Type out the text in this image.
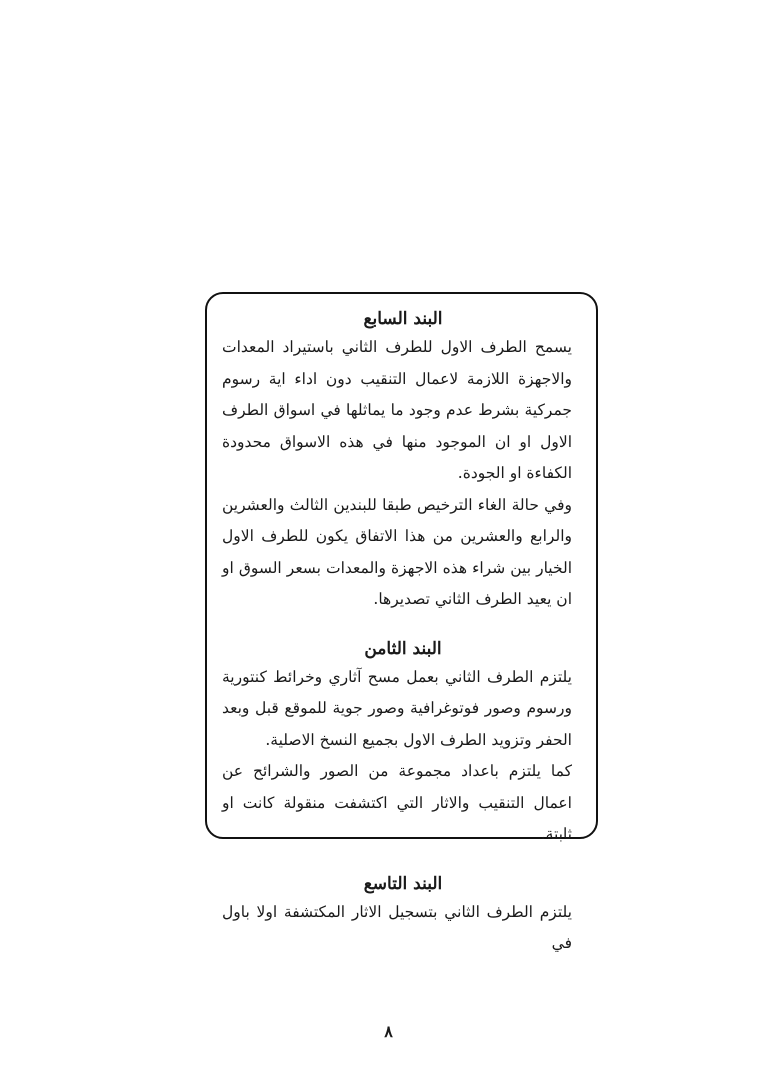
البند السابع

يسمح الطرف الاول للطرف الثاني باستيراد المعدات والاجهزة اللازمة لاعمال التنقيب دون اداء اية رسوم جمركية بشرط عدم وجود ما يماثلها في اسواق الطرف الاول او ان الموجود منها في هذه الاسواق محدودة الكفاءة او الجودة.

وفي حالة الغاء الترخيص طبقا للبندين الثالث والعشرين والرابع والعشرين من هذا الاتفاق يكون للطرف الاول الخيار بين شراء هذه الاجهزة والمعدات بسعر السوق او ان يعيد الطرف الثاني تصديرها.

البند الثامن

يلتزم الطرف الثاني بعمل مسح آثاري وخرائط كنتورية ورسوم وصور فوتوغرافية وصور جوية للموقع قبل وبعد الحفر وتزويد الطرف الاول بجميع النسخ الاصلية.

كما يلتزم باعداد مجموعة من الصور والشرائح عن اعمال التنقيب والاثار التي اكتشفت منقولة كانت او ثابتة.

البند التاسع

يلتزم الطرف الثاني بتسجيل الاثار المكتشفة اولا باول في

٨
